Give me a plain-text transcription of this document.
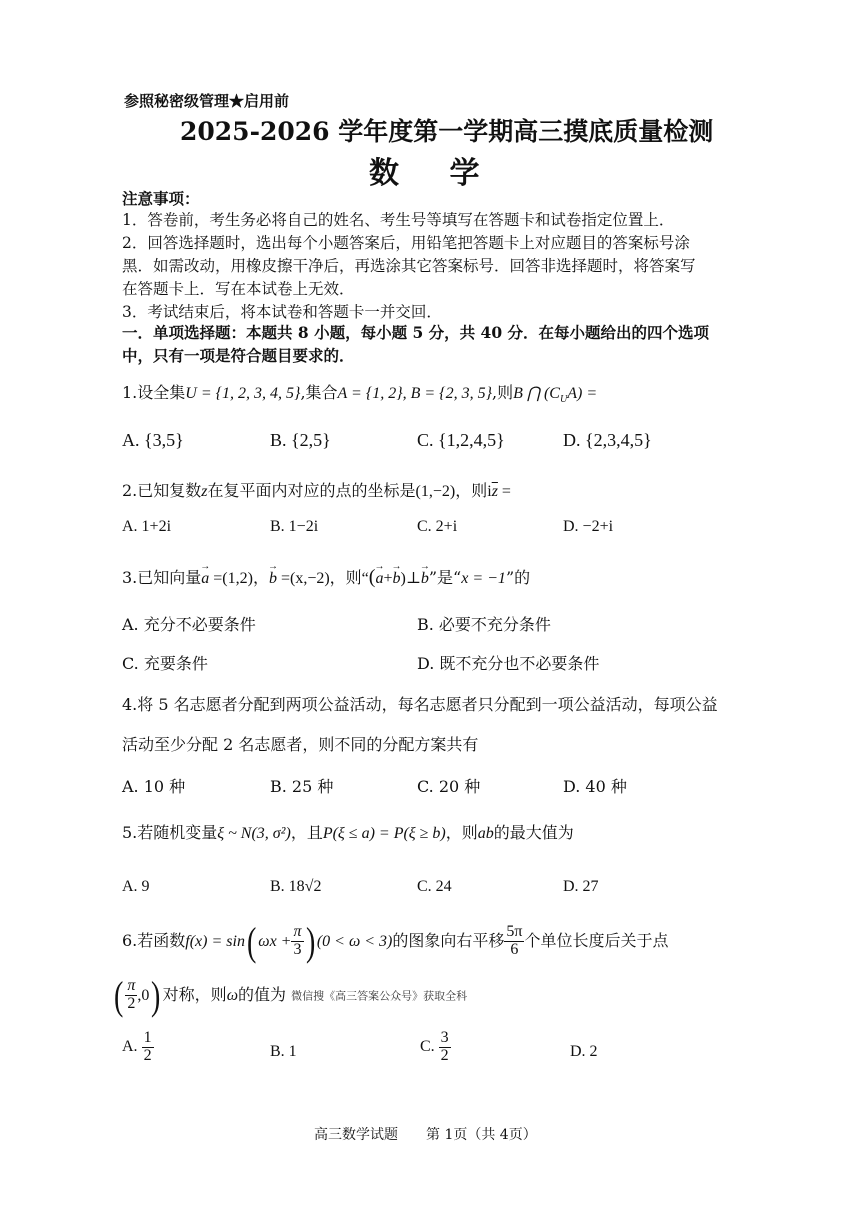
参照秘密级管理★启用前
2025-2026 学年度第一学期高三摸底质量检测
数 学
注意事项：
1．答卷前，考生务必将自己的姓名、考生号等填写在答题卡和试卷指定位置上．
2．回答选择题时，选出每个小题答案后，用铅笔把答题卡上对应题目的答案标号涂
黑．如需改动，用橡皮擦干净后，再选涂其它答案标号．回答非选择题时，将答案写
在答题卡上．写在本试卷上无效．
3．考试结束后，将本试卷和答题卡一并交回．
一．单项选择题：本题共 8 小题，每小题 5 分，共 40 分．在每小题给出的四个选项
中，只有一项是符合题目要求的．
1.设全集U = {1, 2, 3, 4, 5},集合A = {1, 2}, B = {2, 3, 5},则B ⋂ $(C_UA)$ =
A. {3,5}	B. {2,5}	C. {1,2,4,5}	D. {2,3,4,5}
2.已知复数z在复平面内对应的点的坐标是(1,−2)，则$i\overline{z}$ =
A. 1+2i	B. 1−2i	C. 2+i	D. −2+i
3.已知向量→ a =(1,2)，→ b =(x,−2)，则“(→ a+→ b)⊥→ b”是“x = −1”的
A. 充分不必要条件	B. 必要不充分条件
C. 充要条件	D. 既不充分也不必要条件
4.将 5 名志愿者分配到两项公益活动，每名志愿者只分配到一项公益活动，每项公益
活动至少分配 2 名志愿者，则不同的分配方案共有
A. 10 种	B. 25 种	C. 20 种	D. 40 种
5.若随机变量ξ ~ N(3, σ²)，且P(ξ ≤ a) = P(ξ ≥ b)，则ab的最大值为
A. 9	B. 18√2	C. 24	D. 27
6.若函数f(x) = sin( $\omega x + \frac{\pi}{3}$ ) (0 < ω < 3)的图象向右平移 $\frac{5\pi}{6}$ 个单位长度后关于点
( $\frac{\pi}{2} ,0$) 对称，则ω的值为 微信搜《高三答案公众号》获取全科
A. $\frac{1}{2}$	B. 1	C. $\frac{3}{2}$	D. 2
高三数学试题　　第 1页（共 4页）
